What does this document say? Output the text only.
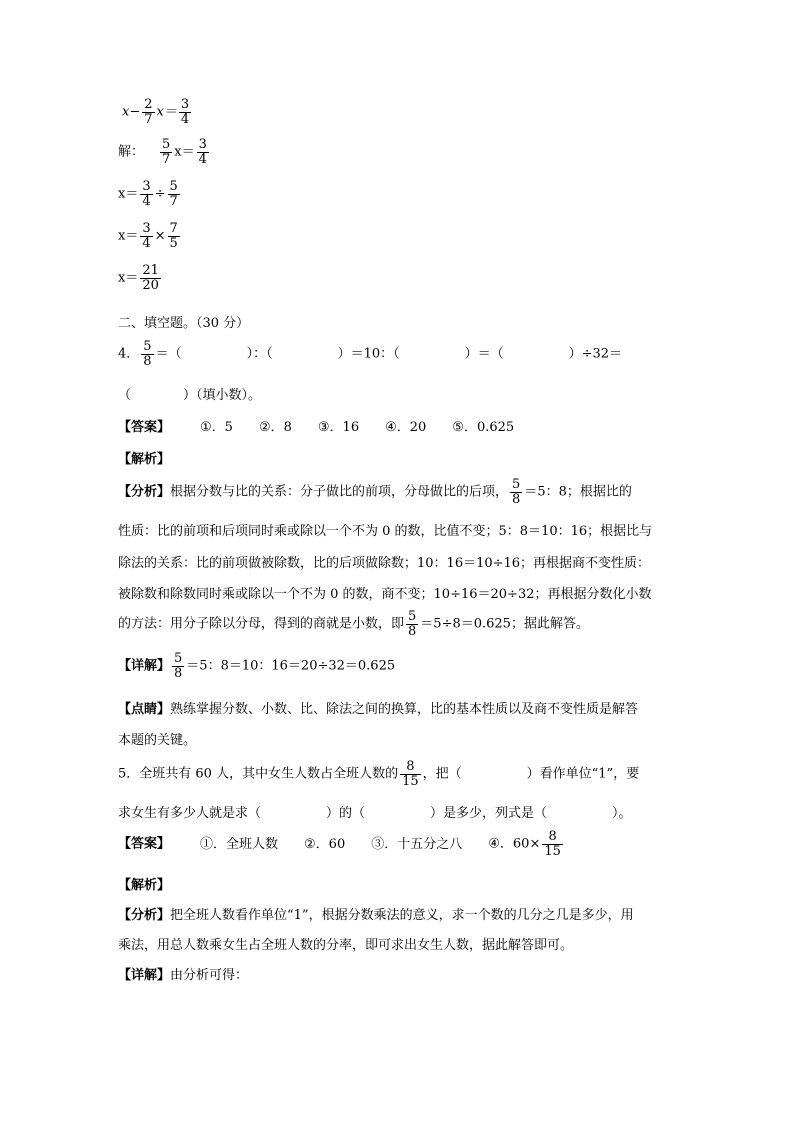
$x- \frac{2}{7} x= \frac{3}{4}$
解： $\frac{5}{7} x= \frac{3}{4}$
$x= \frac{3}{4} \div \frac{5}{7}$
$x= \frac{3}{4} \times \frac{7}{5}$
$x= \frac{21}{20}$
二、填空题。（30 分）
4． $\frac{5}{8}$ ＝（　　　　　）：（　　　　　）＝10：（　　　　　）＝（　　　　　）÷32＝
（　　　　）（填小数）。
【答案】 ①．5 ②．8 ③．16 ④．20 ⑤．0.625
【解析】
【分析】根据分数与比的关系：分子做比的前项，分母做比的后项， $\frac{5}{8} =5$：8；根据比的
性质：比的前项和后项同时乘或除以一个不为 0 的数，比值不变；5：8＝10：16；根据比与
除法的关系：比的前项做被除数，比的后项做除数；10：16＝10÷16；再根据商不变性质：
被除数和除数同时乘或除以一个不为 0 的数，商不变；10÷16＝20÷32；再根据分数化小数
的方法：用分子除以分母，得到的商就是小数，即 $\frac{5}{8} =5\div 8=0.625$；据此解答。
【详解】 $\frac{5}{8} =5$：8＝10：16＝20÷32＝0.625
【点睛】熟练掌握分数、小数、比、除法之间的换算，比的基本性质以及商不变性质是解答
本题的关键。
5．全班共有 60 人，其中女生人数占全班人数的 $\frac{8}{15}$ ，把（　　　　　）看作单位“1”，要
求女生有多少人就是求（　　　　　）的（　　　　　）是多少，列式是（　　　　　）。
【答案】 ①．全班人数 ②．60 ③．十五分之八 ④．$60\times \frac{8}{15}$
【解析】
【分析】把全班人数看作单位“1”，根据分数乘法的意义，求一个数的几分之几是多少，用
乘法，用总人数乘女生占全班人数的分率，即可求出女生人数，据此解答即可。
【详解】由分析可得：
